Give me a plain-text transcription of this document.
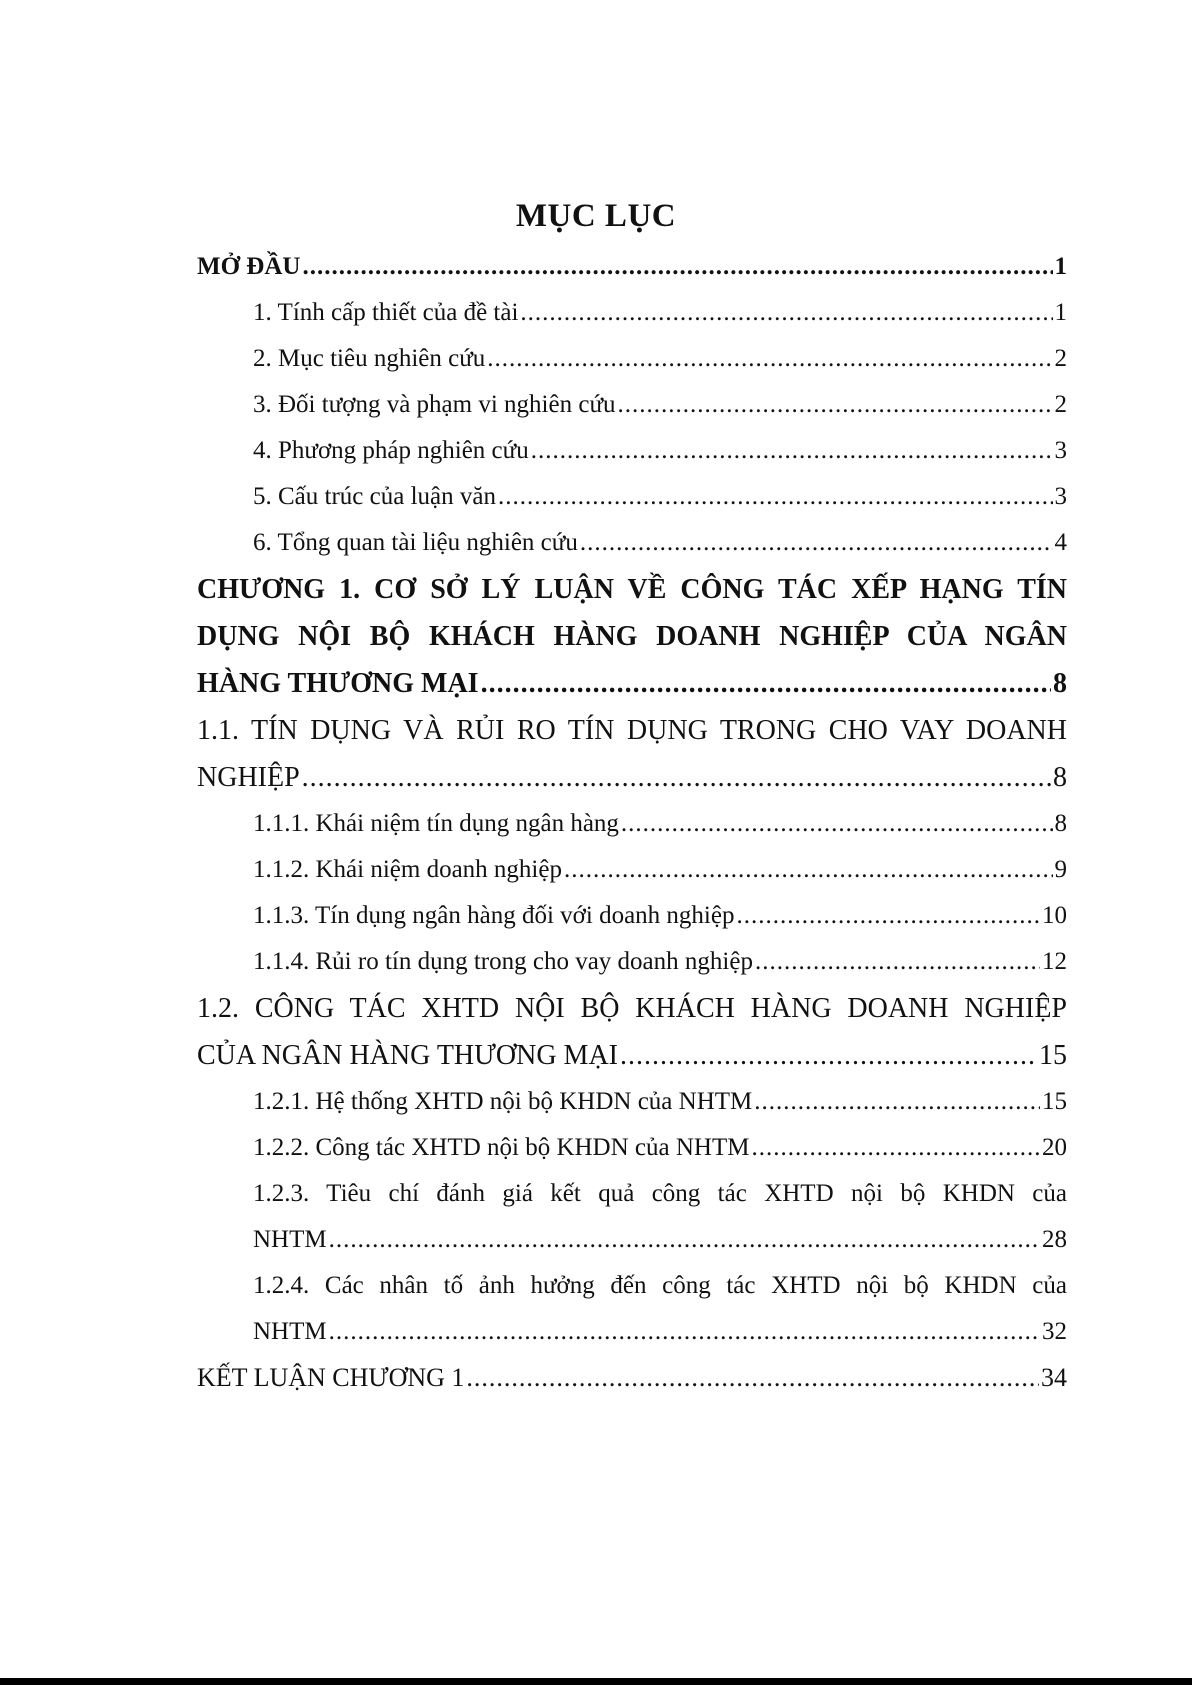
MỤC LỤC
MỞ ĐẦU .....	1
1. Tính cấp thiết của đề tài .....	1
2. Mục tiêu nghiên cứu .....	2
3. Đối tượng và phạm vi nghiên cứu .....	2
4. Phương pháp nghiên cứu .....	3
5. Cấu trúc của luận văn .....	3
6. Tổng quan tài liệu nghiên cứu .....	4
CHƯƠNG 1. CƠ SỞ LÝ LUẬN VỀ CÔNG TÁC XẾP HẠNG TÍN
DỤNG NỘI BỘ KHÁCH HÀNG DOANH NGHIỆP CỦA NGÂN
HÀNG THƯƠNG MẠI .....	8
1.1. TÍN DỤNG VÀ RỦI RO TÍN DỤNG TRONG CHO VAY DOANH
NGHIỆP .....	8
1.1.1. Khái niệm tín dụng ngân hàng .....	8
1.1.2. Khái niệm doanh nghiệp .....	9
1.1.3. Tín dụng ngân hàng đối với doanh nghiệp .....	10
1.1.4. Rủi ro tín dụng trong cho vay doanh nghiệp .....	12
1.2. CÔNG TÁC XHTD NỘI BỘ KHÁCH HÀNG DOANH NGHIỆP
CỦA NGÂN HÀNG THƯƠNG MẠI .....	15
1.2.1. Hệ thống XHTD nội bộ KHDN của NHTM .....	15
1.2.2. Công tác XHTD nội bộ KHDN của NHTM .....	20
1.2.3. Tiêu chí đánh giá kết quả công tác XHTD nội bộ KHDN của
NHTM .....	28
1.2.4. Các nhân tố ảnh hưởng đến công tác XHTD nội bộ KHDN của
NHTM .....	32
KẾT LUẬN CHƯƠNG 1 .....	34
